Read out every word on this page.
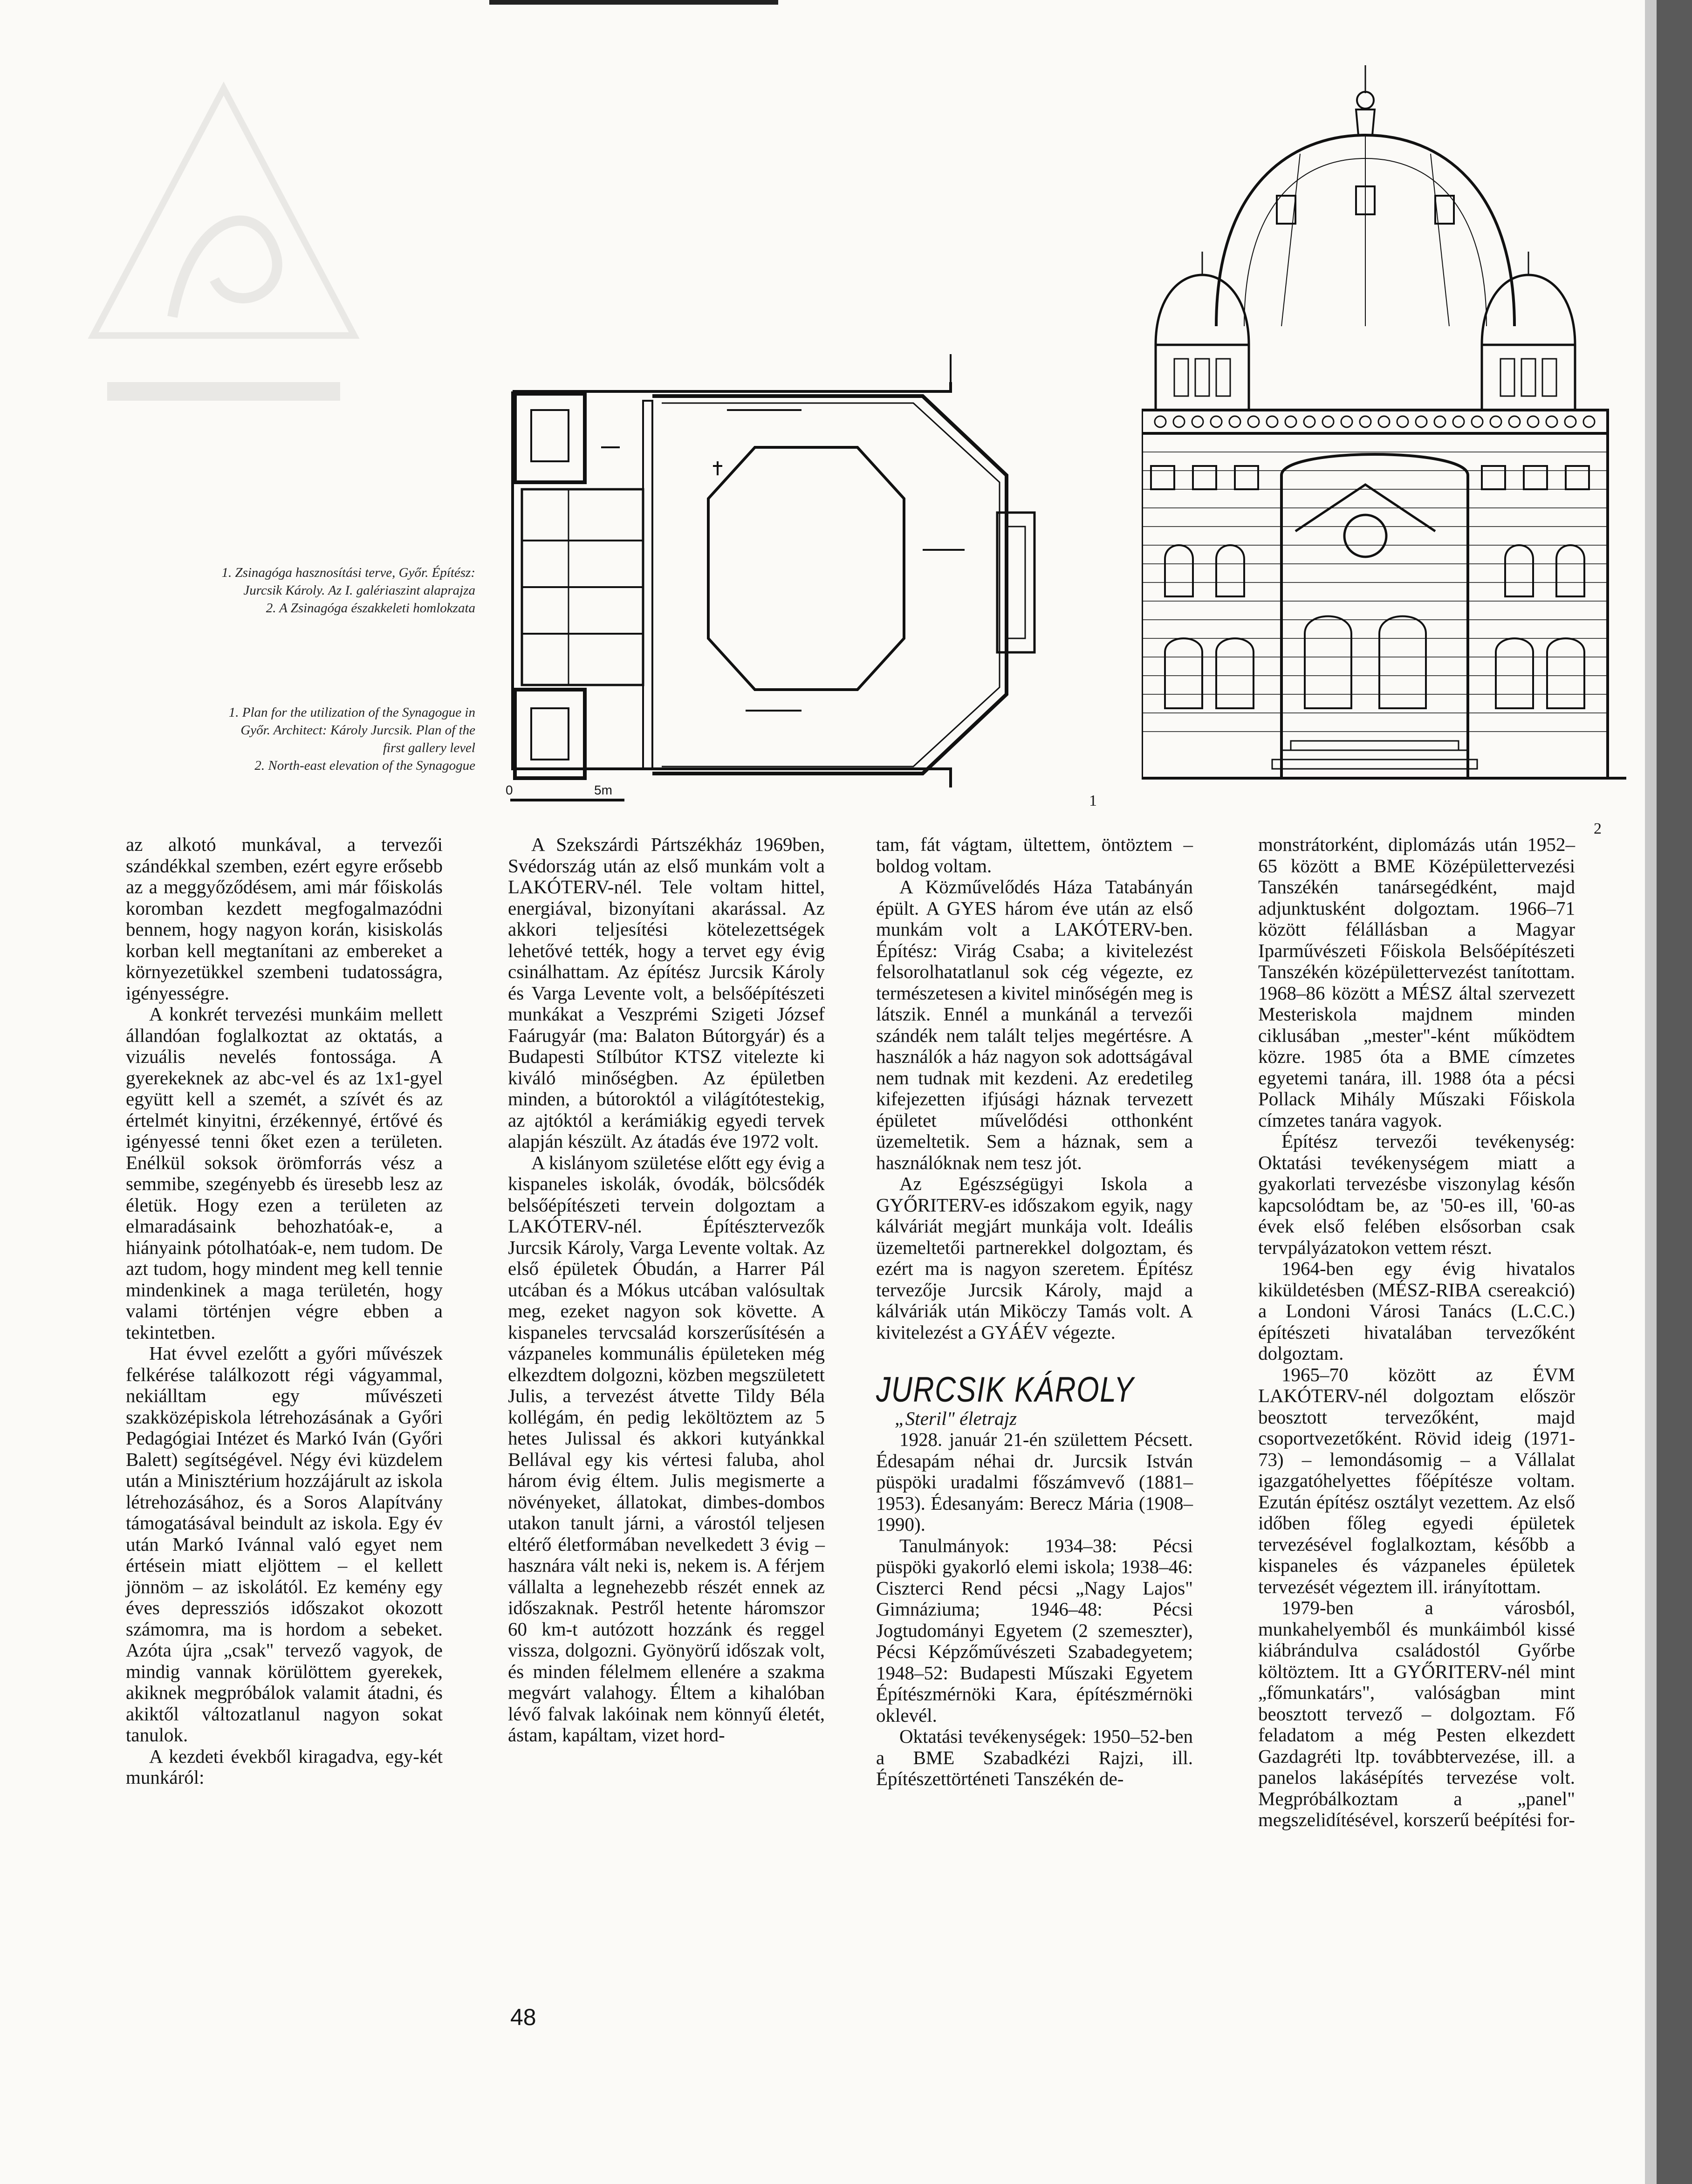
1. Zsinagóga hasznosítási terve, Győr. Építész:
Jurcsik Károly. Az I. galériaszint alaprajza
2. A Zsinagóga északkeleti homlokzata
1. Plan for the utilization of the Synagogue in
Győr. Architect: Károly Jurcsik. Plan of the
first gallery level
2. North-east elevation of the Synagogue
0	5m
1
2

az alkotó munkával, a tervezői szándékkal szemben, ezért egyre erősebb az a meggyőződésem, ami már főiskolás koromban kezdett megfogalmazódni bennem, hogy nagyon korán, kisiskolás korban kell megtanítani az embereket a környezetükkel szembeni tudatosságra, igényességre.

A konkrét tervezési munkáim mellett állandóan foglalkoztat az oktatás, a vizuális nevelés fontossága. A gyerekeknek az abc-vel és az 1x1-gyel együtt kell a szemét, a szívét és az értelmét kinyitni, érzékennyé, értővé és igényessé tenni őket ezen a területen. Enélkül soksok örömforrás vész a semmibe, szegényebb és üresebb lesz az életük. Hogy ezen a területen az elmaradásaink behozhatóak-e, a hiányaink pótolhatóak-e, nem tudom. De azt tudom, hogy mindent meg kell tennie mindenkinek a maga területén, hogy valami történjen végre ebben a tekintetben.

Hat évvel ezelőtt a győri művészek felkérése találkozott régi vágyammal, nekiálltam egy művészeti szakközépiskola létrehozásának a Győri Pedagógiai Intézet és Markó Iván (Győri Balett) segítségével. Négy évi küzdelem után a Minisztérium hozzájárult az iskola létrehozásához, és a Soros Alapítvány támogatásával beindult az iskola. Egy év után Markó Ivánnal való egyet nem értésein miatt eljöttem – el kellett jönnöm – az iskolától. Ez kemény egy éves depressziós időszakot okozott számomra, ma is hordom a sebeket. Azóta újra „csak" tervező vagyok, de mindig vannak körülöttem gyerekek, akiknek megpróbálok valamit átadni, és akiktől változatlanul nagyon sokat tanulok.

A kezdeti évekből kiragadva, egy-két munkáról:

A Szekszárdi Pártszékház 1969ben, Svédország után az első munkám volt a LAKÓTERV-nél. Tele voltam hittel, energiával, bizonyítani akarással. Az akkori teljesítési kötelezettségek lehetővé tették, hogy a tervet egy évig csinálhattam. Az építész Jurcsik Károly és Varga Levente volt, a belsőépítészeti munkákat a Veszprémi Szigeti József Faárugyár (ma: Balaton Bútorgyár) és a Budapesti Stílbútor KTSZ vitelezte ki kiváló minőségben. Az épületben minden, a bútoroktól a világítótestekig, az ajtóktól a kerámiákig egyedi tervek alapján készült. Az átadás éve 1972 volt.

A kislányom születése előtt egy évig a kispaneles iskolák, óvodák, bölcsődék belsőépítészeti tervein dolgoztam a LAKÓTERV-nél. Építésztervezők Jurcsik Károly, Varga Levente voltak. Az első épületek Óbudán, a Harrer Pál utcában és a Mókus utcában valósultak meg, ezeket nagyon sok követte. A kispaneles tervcsalád korszerűsítésén a vázpaneles kommunális épületeken még elkezdtem dolgozni, közben megszületett Julis, a tervezést átvette Tildy Béla kollégám, én pedig leköltöztem az 5 hetes Julissal és akkori kutyánkkal Bellával egy kis vértesi faluba, ahol három évig éltem. Julis megismerte a növényeket, állatokat, dimbes-dombos utakon tanult járni, a várostól teljesen eltérő életformában nevelkedett 3 évig – hasznára vált neki is, nekem is. A férjem vállalta a legnehezebb részét ennek az időszaknak. Pestről hetente háromszor 60 km-t autózott hozzánk és reggel vissza, dolgozni. Gyönyörű időszak volt, és minden félelmem ellenére a szakma megvárt valahogy. Éltem a kihalóban lévő falvak lakóinak nem könnyű életét, ástam, kapáltam, vizet hord-

tam, fát vágtam, ültettem, öntöztem – boldog voltam.

A Közművelődés Háza Tatabányán épült. A GYES három éve után az első munkám volt a LAKÓTERV-ben. Építész: Virág Csaba; a kivitelezést felsorolhatatlanul sok cég végezte, ez természetesen a kivitel minőségén meg is látszik. Ennél a munkánál a tervezői szándék nem talált teljes megértésre. A használók a ház nagyon sok adottságával nem tudnak mit kezdeni. Az eredetileg kifejezetten ifjúsági háznak tervezett épületet művelődési otthonként üzemeltetik. Sem a háznak, sem a használóknak nem tesz jót.

Az Egészségügyi Iskola a GYŐRITERV-es időszakom egyik, nagy kálváriát megjárt munkája volt. Ideális üzemeltetői partnerekkel dolgoztam, és ezért ma is nagyon szeretem. Építész tervezője Jurcsik Károly, majd a kálváriák után Miköczy Tamás volt. A kivitelezést a GYÁÉV végezte.

JURCSIK KÁROLY

„Steril" életrajz

1928. január 21-én születtem Pécsett. Édesapám néhai dr. Jurcsik István püspöki uradalmi főszámvevő (1881–1953). Édesanyám: Berecz Mária (1908–1990).

Tanulmányok: 1934–38: Pécsi püspöki gyakorló elemi iskola; 1938–46: Ciszterci Rend pécsi „Nagy Lajos" Gimnáziuma; 1946–48: Pécsi Jogtudományi Egyetem (2 szemeszter), Pécsi Képzőművészeti Szabadegyetem; 1948–52: Budapesti Műszaki Egyetem Építészmérnöki Kara, építészmérnöki oklevél.

Oktatási tevékenységek: 1950–52-ben a BME Szabadkézi Rajzi, ill. Építészettörténeti Tanszékén de-

monstrátorként, diplomázás után 1952–65 között a BME Középülettervezési Tanszékén tanársegédként, majd adjunktusként dolgoztam. 1966–71 között félállásban a Magyar Iparművészeti Főiskola Belsőépítészeti Tanszékén középülettervezést tanítottam. 1968–86 között a MÉSZ által szervezett Mesteriskola majdnem minden ciklusában „mester"-ként működtem közre. 1985 óta a BME címzetes egyetemi tanára, ill. 1988 óta a pécsi Pollack Mihály Műszaki Főiskola címzetes tanára vagyok.

Építész tervezői tevékenység: Oktatási tevékenységem miatt a gyakorlati tervezésbe viszonylag későn kapcsolódtam be, az '50-es ill, '60-as évek első felében elsősorban csak tervpályázatokon vettem részt.

1964-ben egy évig hivatalos kiküldetésben (MÉSZ-RIBA csereakció) a Londoni Városi Tanács (L.C.C.) építészeti hivatalában tervezőként dolgoztam.

1965–70 között az ÉVM LAKÓTERV-nél dolgoztam először beosztott tervezőként, majd csoportvezetőként. Rövid ideig (1971-73) – lemondásomig – a Vállalat igazgatóhelyettes főépítésze voltam. Ezután építész osztályt vezettem. Az első időben főleg egyedi épületek tervezésével foglalkoztam, később a kispaneles és vázpaneles épületek tervezését végeztem ill. irányítottam.

1979-ben a városból, munkahelyemből és munkáimból kissé kiábrándulva családostól Győrbe költöztem. Itt a GYŐRITERV-nél mint „főmunkatárs", valóságban mint beosztott tervező – dolgoztam. Fő feladatom a még Pesten elkezdett Gazdagréti ltp. továbbtervezése, ill. a panelos lakásépítés tervezése volt. Megpróbálkoztam a „panel" megszelidítésével, korszerű beépítési for-

48
